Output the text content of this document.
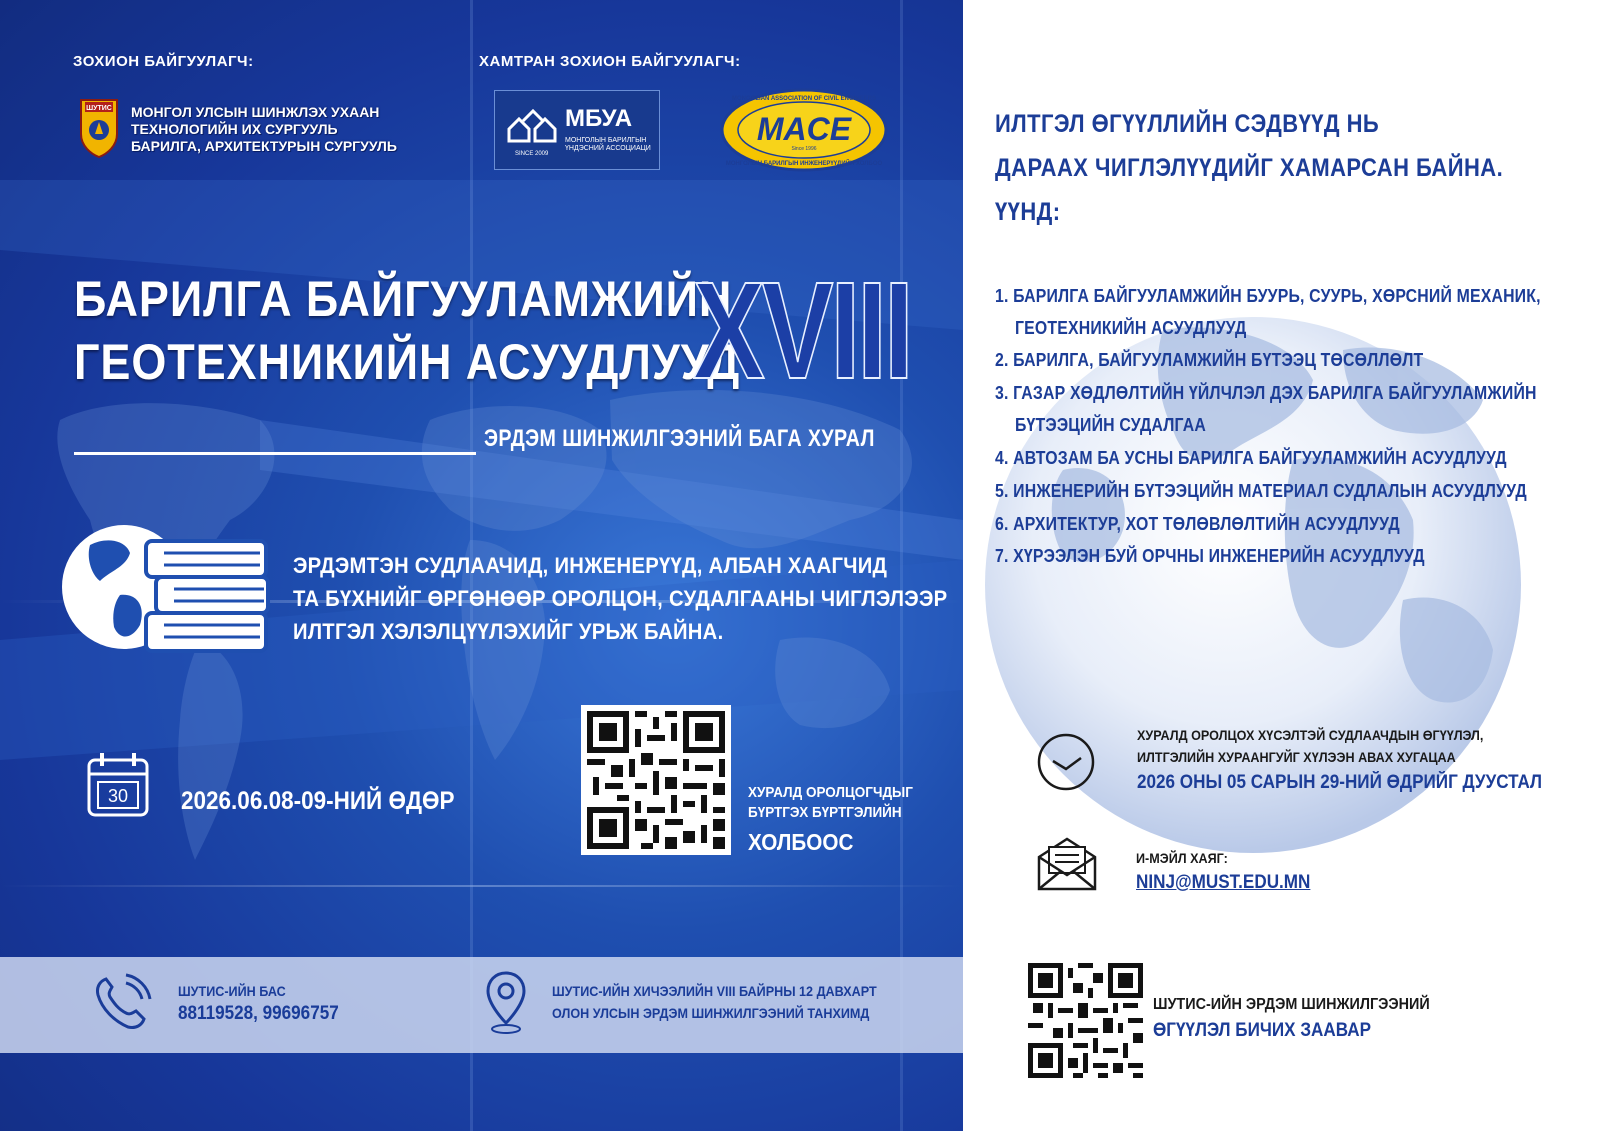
ЗОХИОН БАЙГУУЛАГЧ:
ШУТИС МОНГОЛ УЛСЫН ШИНЖЛЭХ УХААН
ТЕХНОЛОГИЙН ИХ СУРГУУЛЬ
БАРИЛГА, АРХИТЕКТУРЫН СУРГУУЛЬ
ХАМТРАН ЗОХИОН БАЙГУУЛАГЧ:
МБУА
МОНГОЛЫН БАРИЛГЫН ҮНДЭСНИЙ АССОЦИАЦИ
SINCE 2009
MACE
MONGOLIAN ASSOCIATION OF CIVIL ENGINEERS
Since 1996
МОНГОЛЫН БАРИЛГЫН ИНЖЕНЕРҮҮДИЙН ХОЛБОО
БАРИЛГА БАЙГУУЛАМЖИЙН
ГЕОТЕХНИКИЙН АСУУДЛУУД
XVIII
ЭРДЭМ ШИНЖИЛГЭЭНИЙ БАГА ХУРАЛ
ЭРДЭМТЭН СУДЛААЧИД, ИНЖЕНЕРҮҮД, АЛБАН ХААГЧИД
ТА БҮХНИЙГ ӨРГӨНӨӨР ОРОЛЦОН, СУДАЛГААНЫ ЧИГЛЭЛЭЭР
ИЛТГЭЛ ХЭЛЭЛЦҮҮЛЭХИЙГ УРЬЖ БАЙНА.
30 2026.06.08-09-НИЙ ӨДӨР	ХУРАЛД ОРОЛЦОГЧДЫГ
БҮРТГЭХ БҮРТГЭЛИЙН
ХОЛБООС
ШУТИС-ИЙН БАС
88119528, 99696757
ШУТИС-ИЙН ХИЧЭЭЛИЙН VIII БАЙРНЫ 12 ДАВХАРТ
ОЛОН УЛСЫН ЭРДЭМ ШИНЖИЛГЭЭНИЙ ТАНХИМД
ИЛТГЭЛ ӨГҮҮЛЛИЙН СЭДВҮҮД НЬ
ДАРААХ ЧИГЛЭЛҮҮДИЙГ ХАМАРСАН БАЙНА.
ҮҮНД:
1. БАРИЛГА БАЙГУУЛАМЖИЙН БУУРЬ, СУУРЬ, ХӨРСНИЙ МЕХАНИК,
ГЕОТЕХНИКИЙН АСУУДЛУУД
2. БАРИЛГА, БАЙГУУЛАМЖИЙН БҮТЭЭЦ ТӨСӨЛЛӨЛТ
3. ГАЗАР ХӨДЛӨЛТИЙН ҮЙЛЧЛЭЛ ДЭХ БАРИЛГА БАЙГУУЛАМЖИЙН
БҮТЭЭЦИЙН СУДАЛГАА
4. АВТОЗАМ БА УСНЫ БАРИЛГА БАЙГУУЛАМЖИЙН АСУУДЛУУД
5. ИНЖЕНЕРИЙН БҮТЭЭЦИЙН МАТЕРИАЛ СУДЛАЛЫН АСУУДЛУУД
6. АРХИТЕКТУР, ХОТ ТӨЛӨВЛӨЛТИЙН АСУУДЛУУД
7. ХҮРЭЭЛЭН БУЙ ОРЧНЫ ИНЖЕНЕРИЙН АСУУДЛУУД
ХУРАЛД ОРОЛЦОХ ХҮСЭЛТЭЙ СУДЛААЧДЫН ӨГҮҮЛЭЛ,
ИЛТГЭЛИЙН ХУРААНГУЙГ ХҮЛЭЭН АВАХ ХУГАЦАА
2026 ОНЫ 05 САРЫН 29-НИЙ ӨДРИЙГ ДУУСТАЛ
И-МЭЙЛ ХАЯГ:
NINJ@MUST.EDU.MN
ШУТИС-ИЙН ЭРДЭМ ШИНЖИЛГЭЭНИЙ
ӨГҮҮЛЭЛ БИЧИХ ЗААВАР
